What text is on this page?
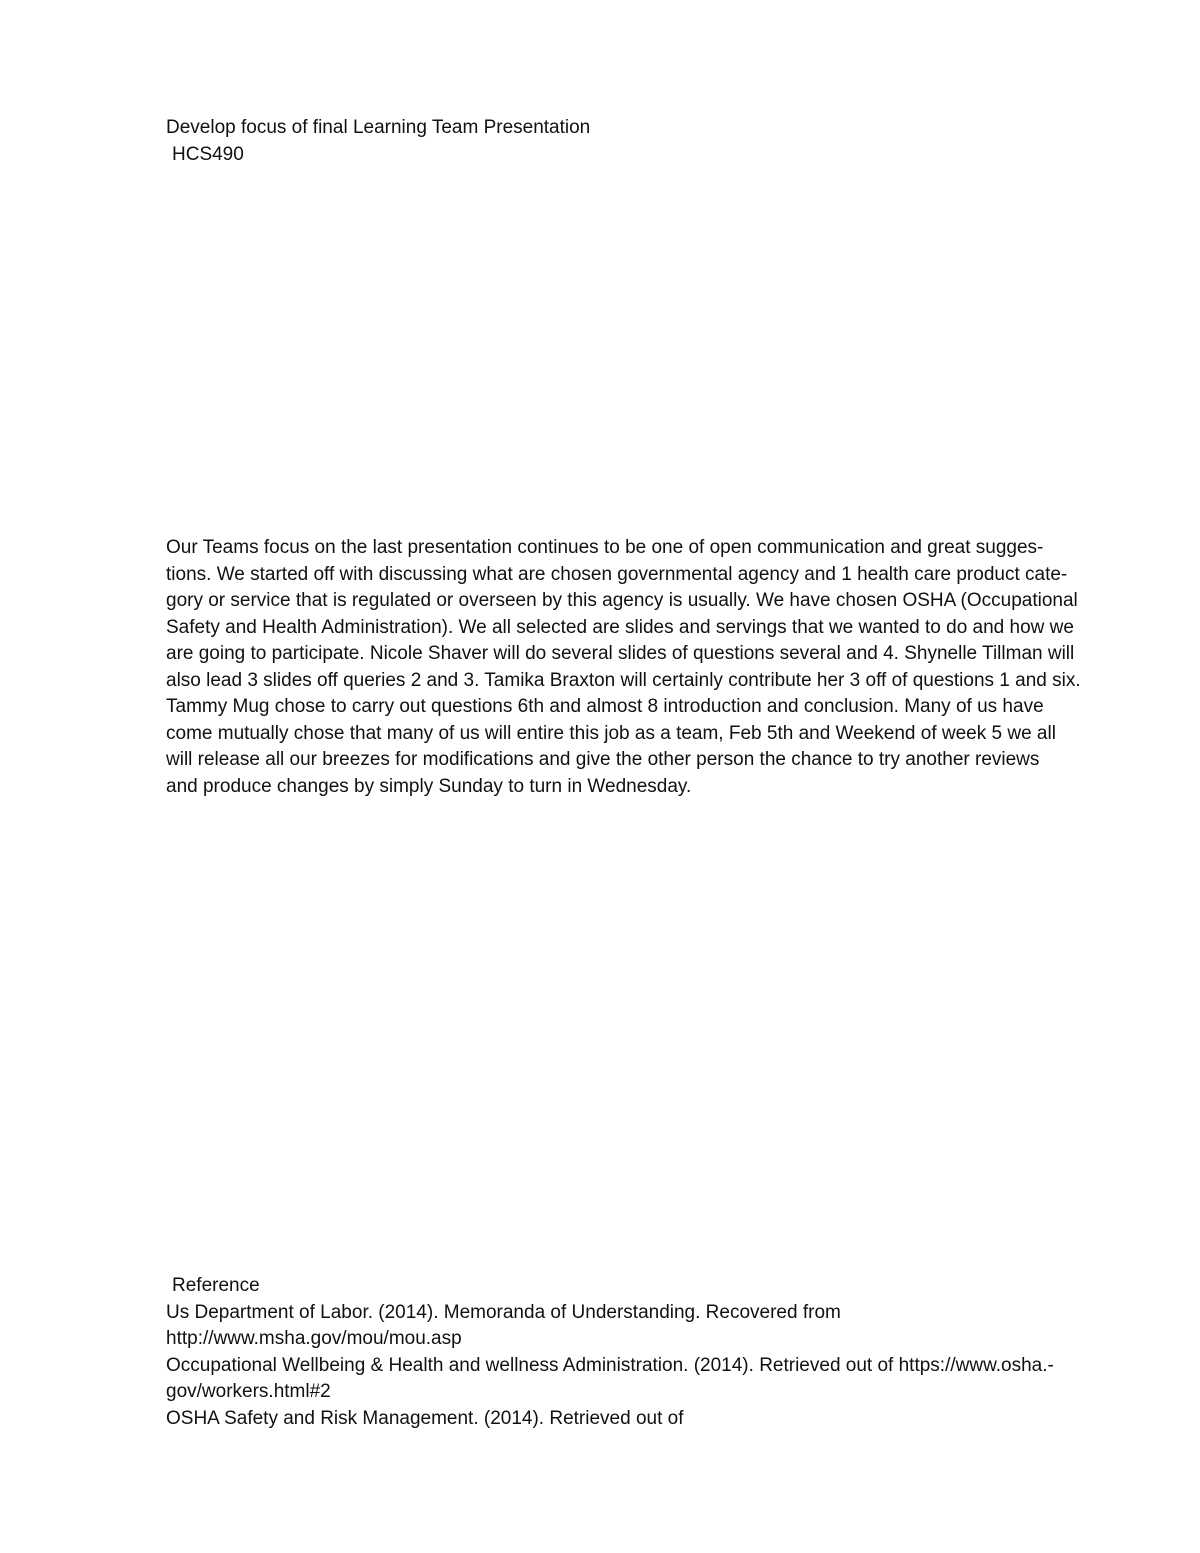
Develop focus of final Learning Team Presentation
HCS490
Our Teams focus on the last presentation continues to be one of open communication and great sugges-
tions. We started off with discussing what are chosen governmental agency and 1 health care product cate-
gory or service that is regulated or overseen by this agency is usually. We have chosen OSHA (Occupational
Safety and Health Administration). We all selected are slides and servings that we wanted to do and how we
are going to participate. Nicole Shaver will do several slides of questions several and 4. Shynelle Tillman will
also lead 3 slides off queries 2 and 3. Tamika Braxton will certainly contribute her 3 off of questions 1 and six.
Tammy Mug chose to carry out questions 6th and almost 8 introduction and conclusion. Many of us have
come mutually chose that many of us will entire this job as a team, Feb 5th and Weekend of week 5 we all
will release all our breezes for modifications and give the other person the chance to try another reviews
and produce changes by simply Sunday to turn in Wednesday.
Reference
Us Department of Labor. (2014). Memoranda of Understanding. Recovered from
http://www.msha.gov/mou/mou.asp
Occupational Wellbeing & Health and wellness Administration. (2014). Retrieved out of https://www.osha.-
gov/workers.html#2
OSHA Safety and Risk Management. (2014). Retrieved out of
